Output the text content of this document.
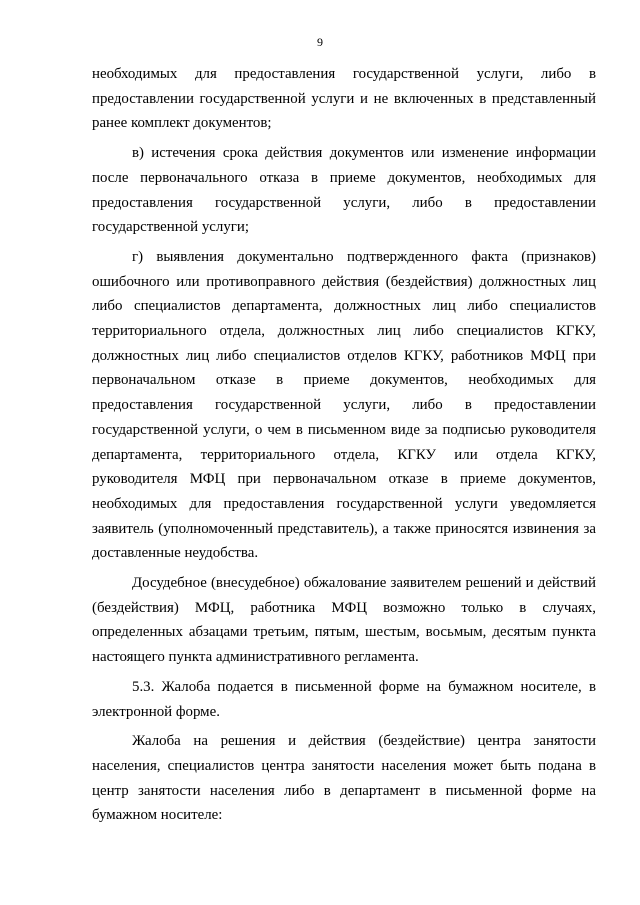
9

необходимых для предоставления государственной услуги, либо в предоставлении государственной услуги и не включенных в представленный ранее комплект документов;

в) истечения срока действия документов или изменение информации после первоначального отказа в приеме документов, необходимых для предоставления государственной услуги, либо в предоставлении государственной услуги;

г) выявления документально подтвержденного факта (признаков) ошибочного или противоправного действия (бездействия) должностных лиц либо специалистов департамента, должностных лиц либо специалистов территориального отдела, должностных лиц либо специалистов КГКУ, должностных лиц либо специалистов отделов КГКУ, работников МФЦ при первоначальном отказе в приеме документов, необходимых для предоставления государственной услуги, либо в предоставлении государственной услуги, о чем в письменном виде за подписью руководителя департамента, территориального отдела, КГКУ или отдела КГКУ, руководителя МФЦ при первоначальном отказе в приеме документов, необходимых для предоставления государственной услуги уведомляется заявитель (уполномоченный представитель), а также приносятся извинения за доставленные неудобства.

Досудебное (внесудебное) обжалование заявителем решений и действий (бездействия) МФЦ, работника МФЦ возможно только в случаях, определенных абзацами третьим, пятым, шестым, восьмым, десятым пункта настоящего пункта административного регламента.

5.3. Жалоба подается в письменной форме на бумажном носителе, в электронной форме.

Жалоба на решения и действия (бездействие) центра занятости населения, специалистов центра занятости населения может быть подана в центр занятости населения либо в департамент в письменной форме на бумажном носителе:
